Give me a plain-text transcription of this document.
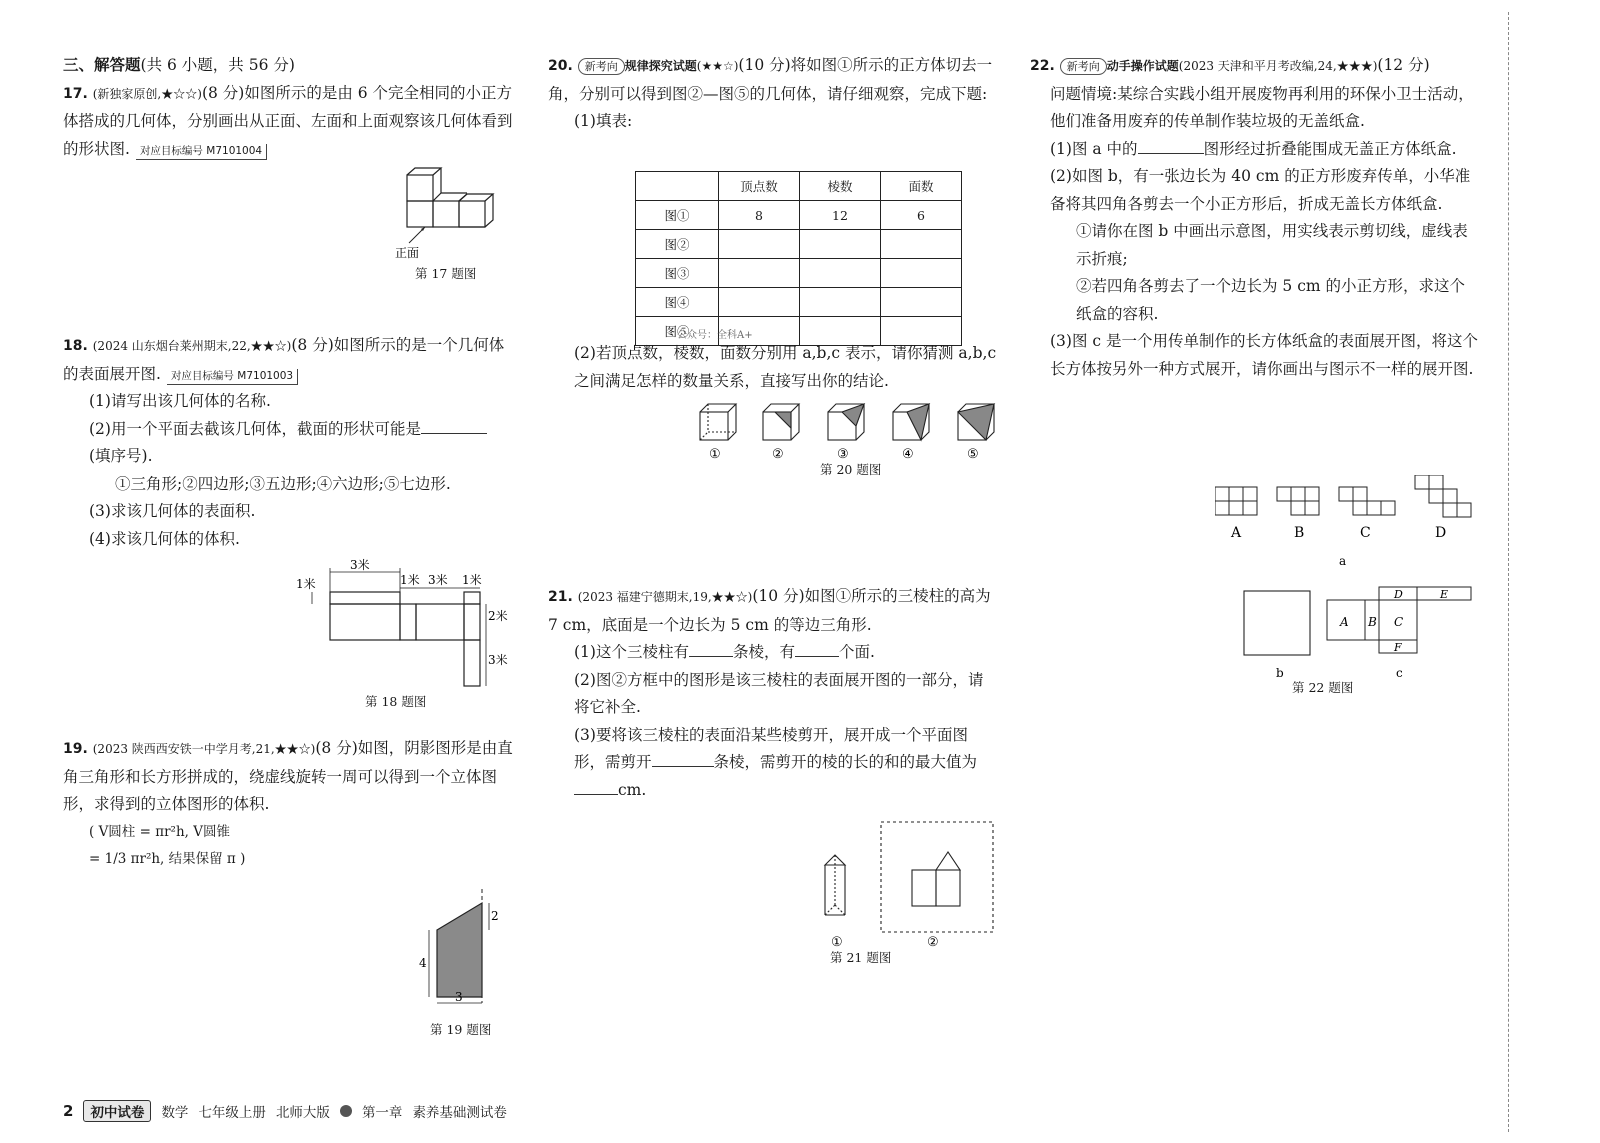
三、解答题(共 6 小题，共 56 分)
17. (新独家原创,★☆☆)(8 分)如图所示的是由 6 个完全相同的小正方体搭成的几何体，分别画出从正面、左面和上面观察该几何体看到的形状图. 对应目标编号 M7101004
正面
第 17 题图
18. (2024 山东烟台莱州期末,22,★★☆)(8 分)如图所示的是一个几何体的表面展开图. 对应目标编号 M7101003
(1)请写出该几何体的名称.
(2)用一个平面去截该几何体，截面的形状可能是
(填序号).
①三角形;②四边形;③五边形;④六边形;⑤七边形.
(3)求该几何体的表面积.
(4)求该几何体的体积.
3米
1米	1米 3米 1米
2米
3米
第 18 题图
19. (2023 陕西西安铁一中学月考,21,★★☆)(8 分)如图，阴影图形是由直角三角形和长方形拼成的，绕虚线旋转一周可以得到一个立体图形，求得到的立体图形的体积.
( V圆柱 = πr²h, V圆锥
= 1/3 πr²h, 结果保留 π )
2
4
3
第 19 题图
20. 新考向 规律探究试题(★★☆)(10 分)将如图①所示的正方体切去一角，分别可以得到图②—图⑤的几何体，请仔细观察，完成下题:
(1)填表:
	顶点数	棱数	面数
图①	8	12	6
图②			
图③			
图④			
图⑤			
公众号：全科A+
(2)若顶点数，棱数，面数分别用 a,b,c 表示，请你猜测 a,b,c 之间满足怎样的数量关系，直接写出你的结论.
①	②	③	④	⑤
第 20 题图
21. (2023 福建宁德期末,19,★★☆)(10 分)如图①所示的三棱柱的高为 7 cm，底面是一个边长为 5 cm 的等边三角形.
(1)这个三棱柱有	条棱，有	个面.
(2)图②方框中的图形是该三棱柱的表面展开图的一部分，请将它补全.
(3)要将该三棱柱的表面沿某些棱剪开，展开成一个平面图形，需剪开	条棱，需剪开的棱的长的和的最大值为cm.
①	②
第 21 题图
22. 新考向 动手操作试题(2023 天津和平月考改编,24,★★★)(12 分)
问题情境:某综合实践小组开展废物再利用的环保小卫士活动，他们准备用废弃的传单制作装垃圾的无盖纸盒.
(1)图 a 中的	图形经过折叠能围成无盖正方体纸盒.
(2)如图 b，有一张边长为 40 cm 的正方形废弃传单，小华准备将其四角各剪去一个小正方形后，折成无盖长方体纸盒.
①请你在图 b 中画出示意图，用实线表示剪切线，虚线表示折痕;
②若四角各剪去了一个边长为 5 cm 的小正方形，求这个纸盒的容积.
(3)图 c 是一个用传单制作的长方体纸盒的表面展开图，将这个长方体按另外一种方式展开，请你画出与图示不一样的展开图.
A	B	C	D
a
b
A B C
D	E
F
c
第 22 题图
2	初中试卷	数学 七年级上册 北师大版 第一章 素养基础测试卷
